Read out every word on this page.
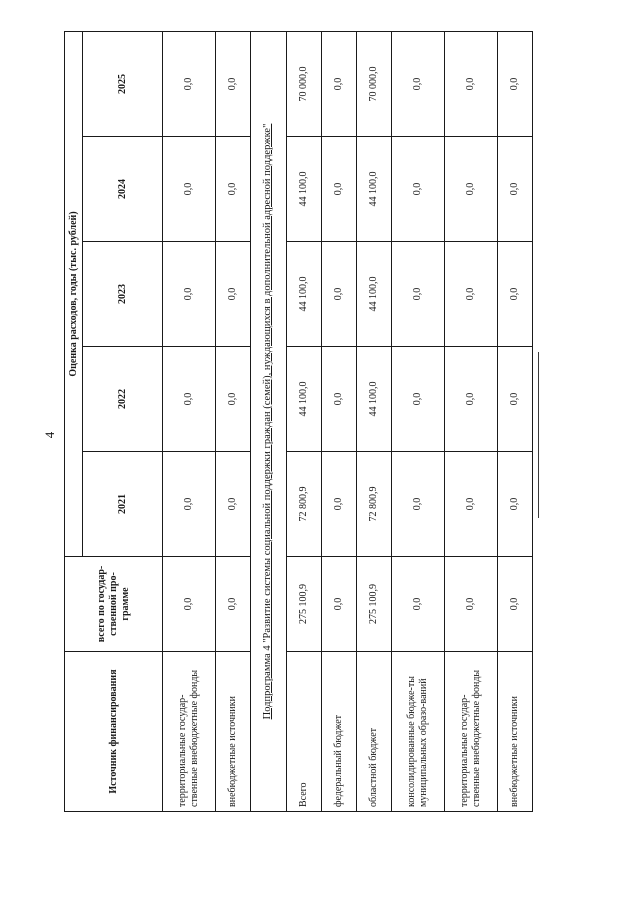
4
Источник финансирования	всего по государ-ственной про-грамме	Оценка расходов, годы (тыс. рублей)				
		2021	2022	2023	2024	2025
территориальные государ-ственные внебюджетные фонды	0,0	0,0	0,0	0,0	0,0	0,0
внебюджетные источники	0,0	0,0	0,0	0,0	0,0	0,0
Подпрограмма 4 "Развитие системы социальной поддержки граждан (семей), нуждающихся в дополнительной адресной поддержке"						
Всего	275 100,9	72 800,9	44 100,0	44 100,0	44 100,0	70 000,0
федеральный бюджет	0,0	0,0	0,0	0,0	0,0	0,0
областной бюджет	275 100,9	72 800,9	44 100,0	44 100,0	44 100,0	70 000,0
консолидированные бюдже-ты муниципальных образо-ваний	0,0	0,0	0,0	0,0	0,0	0,0
территориальные государ-ственные внебюджетные фонды	0,0	0,0	0,0	0,0	0,0	0,0
внебюджетные источники	0,0	0,0	0,0	0,0	0,0	0,0
